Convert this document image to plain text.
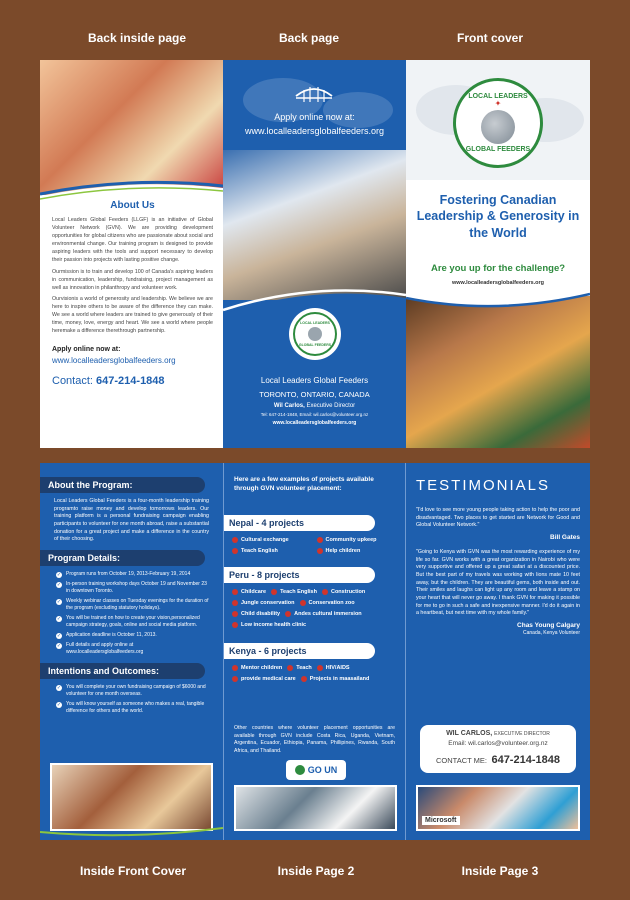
Back inside page	Back page	Front cover
About Us

Local Leaders Global Feeders (LLGF) is an initiative of Global Volunteer Network (GVN). We are providing development opportunities for global citizens who are passionate about social and environmental change. Our training program is designed to provide aspiring leaders with the tools and support necessary to develop their passion into projects with lasting positive change.

Ourmission is to train and develop 100 of Canada's aspiring leaders in communication, leadership, fundraising, project management as well as innovation in philanthropy and volunteer work.

Ourvisionis a world of generosity and leadership. We believe we are here to inspire others to be aware of the difference they can make. We see a world where leaders are trained to give generously of their time, money, love, energy and heart. We see a world where people heremake a difference therethrough partnership.

Apply online now at:
www.localleadersglobalfeeders.org
Contact: 647-214-1848
Apply online now at:
www.localleadersglobalfeeders.org
LOCAL LEADERS
GLOBAL FEEDERS
Local Leaders Global Feeders
TORONTO, ONTARIO, CANADA
Wil Carlos, Executive Director
Tel: 647-214-1848, Email: wil.carlos@volunteer.org.nz
www.localleadersglobalfeeders.org
LOCAL LEADERS
✦
GLOBAL FEEDERS
Fostering Canadian Leadership & Generosity in the World
Are you up for the challenge?
www.localleadersglobalfeeders.org
About the Program:

Local Leaders Global Feeders is a four-month leadership training programto raise money and develop tomorrows leaders. Our training platform is a personal fundraising campaign enabling participants to volunteer for one month abroad, raise a substantial donation for a great project and make a difference in the country of their choosing.

Program Details:
✓ Program runs from October 19, 2013-February 19, 2014
✓ In-person training workshop days October 19 and November 23 in downtown Toronto.
✓ Weekly webinar classes on Tuesday evenings for the duration of the program (excluding statutory holidays).
✓ You will be trained on how to create your vision,personalized campaign strategy, goals, online and social media platform.
✓ Application deadline is October 11, 2013.
✓ Full details and apply online at www.localleadersglobalfeeders.org
Intentions and Outcomes:
✓ You will complete your own fundraising campaign of $6000 and volunteer for one month overseas.
✓ You will know yourself as someone who makes a real, tangible difference for others and the world.
Here are a few examples of projects available through GVN volunteer placement:
Nepal - 4 projects
Cultural exchange	Community upkeep
Teach English	Help children
Peru - 8 projects
Childcare	Teach English	Construction
Jungle conservation	Conservation zoo
Child disability	Andes cultural immersion
Low income health clinic
Kenya - 6 projects
Mentor children	Teach	HIV/AIDS
provide medical care	Projects in maasailand
Other countries where volunteer placement opportunities are available through GVN include Costa Rica, Uganda, Vietnam, Argentina, Ecuador, Ethiopia, Panama, Phillipines, Rwanda, South Africa, and Thailand.
GO UN
TESTIMONIALS

"I'd love to see more young people taking action to help the poor and disadvantaged. Two places to get started are Network for Good and Global Volunteer Network."

Bill Gates

"Going to Kenya with GVN was the most rewarding experience of my life so far. GVN works with a great organization in Nairobi who were very supportive and offered up a great safari at a discounted price. But the best part of my travels was working with lions mate 10 feet away, but the children. They are beautiful gems, both inside and out. Their smiles and laughs can light up any room and leave a stamp on your heart that will never go away. I thank GVN for making it possible for me to go in such a safe and inexpensive manner. I'd do it again in a heartbeat, but next time with my whole family."

Chas Young Calgary
Canada, Kenya Volunteer
WIL CARLOS, EXECUTIVE DIRECTOR
Email: wil.carlos@volunteer.org.nz
CONTACT ME: 647-214-1848
Microsoft
Inside Front Cover	Inside Page 2	Inside Page 3
